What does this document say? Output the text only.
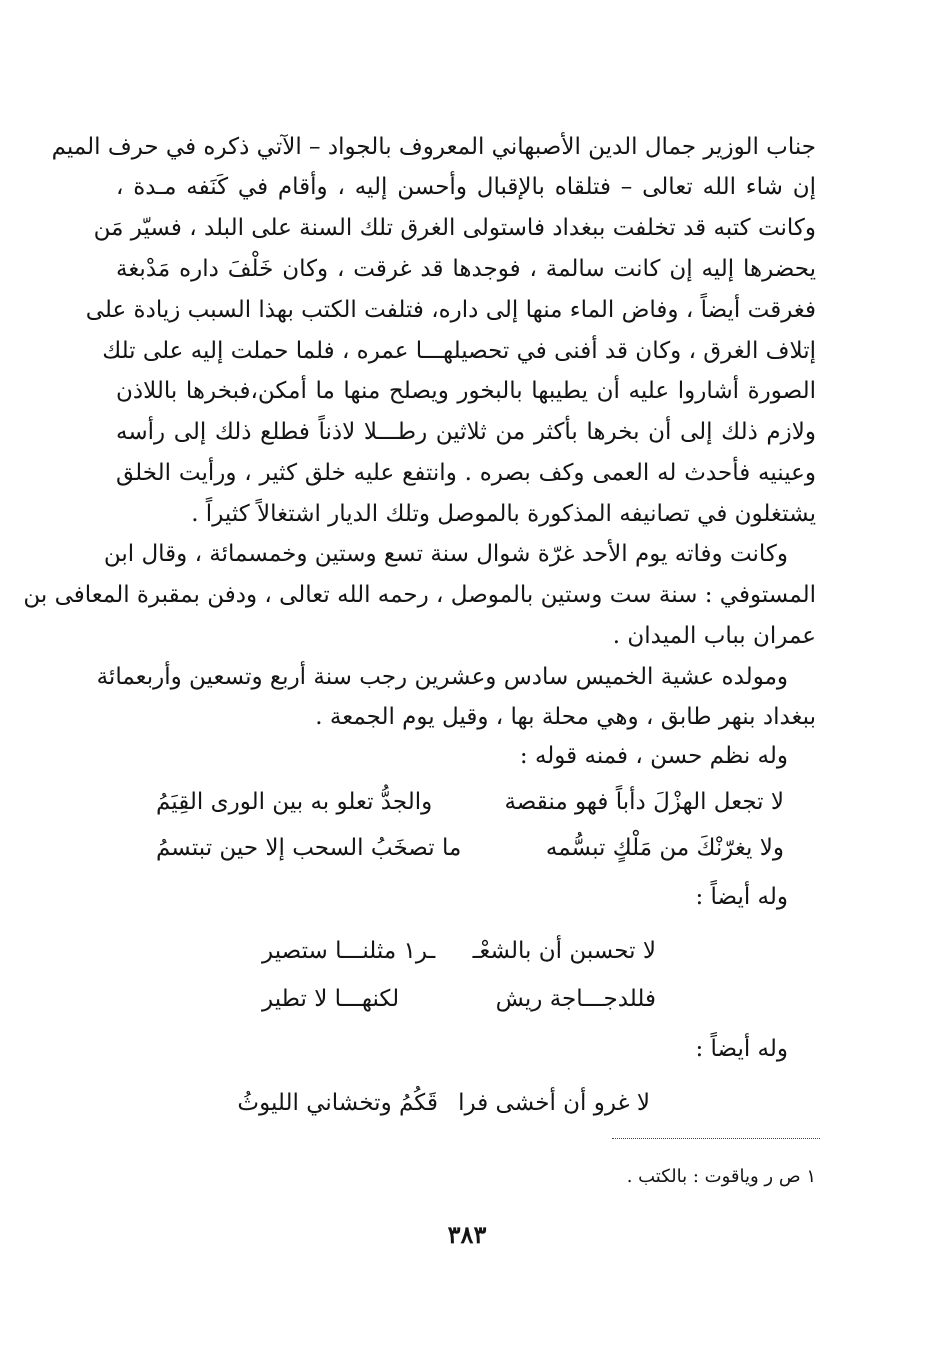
جناب الوزير جمال الدين الأصبهاني المعروف بالجواد – الآتي ذكره في حرف الميم
إن شاء الله تعالى – فتلقاه بالإقبال وأحسن إليه ، وأقام في كَنَفه مـدة ،
وكانت كتبه قد تخلفت ببغداد فاستولى الغرق تلك السنة على البلد ، فسيّر مَن
يحضرها إليه إن كانت سالمة ، فوجدها قد غرقت ، وكان خَلْفَ داره مَدْبغة
فغرقت أيضاً ، وفاض الماء منها إلى داره، فتلفت الكتب بهذا السبب زيادة على
إتلاف الغرق ، وكان قد أفنى في تحصيلهـــا عمره ، فلما حملت إليه على تلك
الصورة أشاروا عليه أن يطيبها بالبخور ويصلح منها ما أمكن،فبخرها باللاذن
ولازم ذلك إلى أن بخرها بأكثر من ثلاثين رطـــلا لاذناً فطلع ذلك إلى رأسه
وعينيه فأحدث له العمى وكف بصره . وانتفع عليه خلق كثير ، ورأيت الخلق
يشتغلون في تصانيفه المذكورة بالموصل وتلك الديار اشتغالاً كثيراً .
وكانت وفاته يوم الأحد غرّة شوال سنة تسع وستين وخمسمائة ، وقال ابن
المستوفي : سنة ست وستين بالموصل ، رحمه الله تعالى ، ودفن بمقبرة المعافى بن
عمران بباب الميدان .
ومولده عشية الخميس سادس وعشرين رجب سنة أربع وتسعين وأربعمائة
ببغداد بنهر طابق ، وهي محلة بها ، وقيل يوم الجمعة .
وله نظم حسن ، فمنه قوله :
لا تجعل الهزْلَ دأباً فهو منقصة
والجدُّ تعلو به بين الورى القِيَمُ
ولا يغرّنْكَ من مَلْكٍ تبسُّمه
ما تصخَبُ السحب إلا حين تبتسمُ
وله أيضاً :
لا تحسبن أن بالشعْـ
ـر١ مثلنـــا ستصير
فللدجـــاجة ريش
لكنهـــا لا تطير
وله أيضاً :
لا غرو أن أخشى فرا
قَكُمُ وتخشاني الليوثُ
١ ص ر وياقوت : بالكتب .
٣٨٣
